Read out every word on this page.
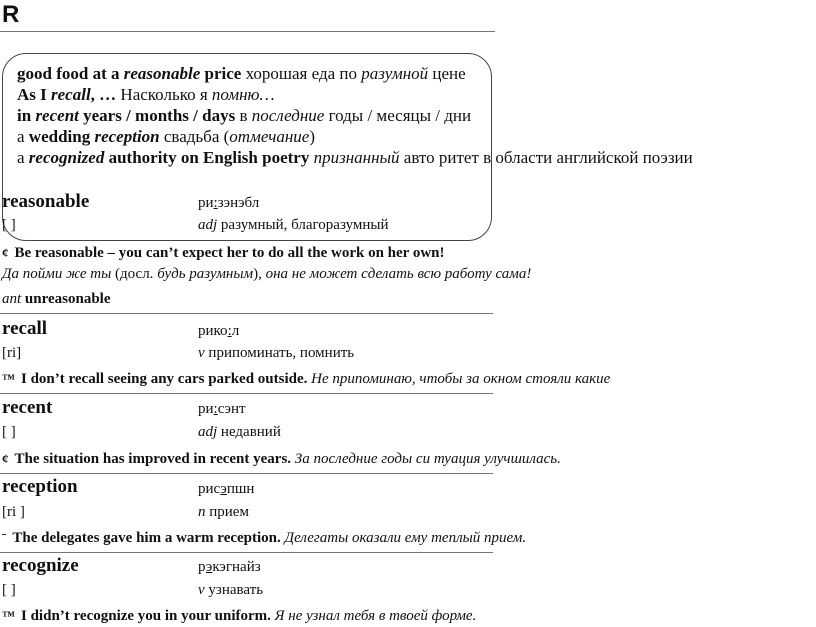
R
good food at a reasonable price хорошая еда по разумной цене
As I recall, … Насколько я помню…
in recent years / months / days в последние годы / месяцы / дни
a wedding reception свадьба (отмечание)
a recognized authority on English poetry признанный авто ритет в области английской поэзии
reasonable	ри:зэнэбл
[ ]	adj разумный, благоразумный
¢ Be reasonable – you can’t expect her to do all the work on her own!
Да пойми же ты (досл. будь разумным), она не может сделать всю работу сама!
ant unreasonable
recall	рико:л
[ri]	v припоминать, помнить
™ I don’t recall seeing any cars parked outside. Не припоминаю, чтобы за окном стояли какие
recent	ри:сэнт
[ ]	adj недавний
¢ The situation has improved in recent years. За последние годы си туация улучшилась.
reception	рисэпшн
[ri ]	n прием
ˉ The delegates gave him a warm reception. Делегаты оказали ему теплый прием.
recognize	рэкэгнайз
[ ]	v узнавать
™ I didn’t recognize you in your uniform. Я не узнал тебя в твоей форме.
